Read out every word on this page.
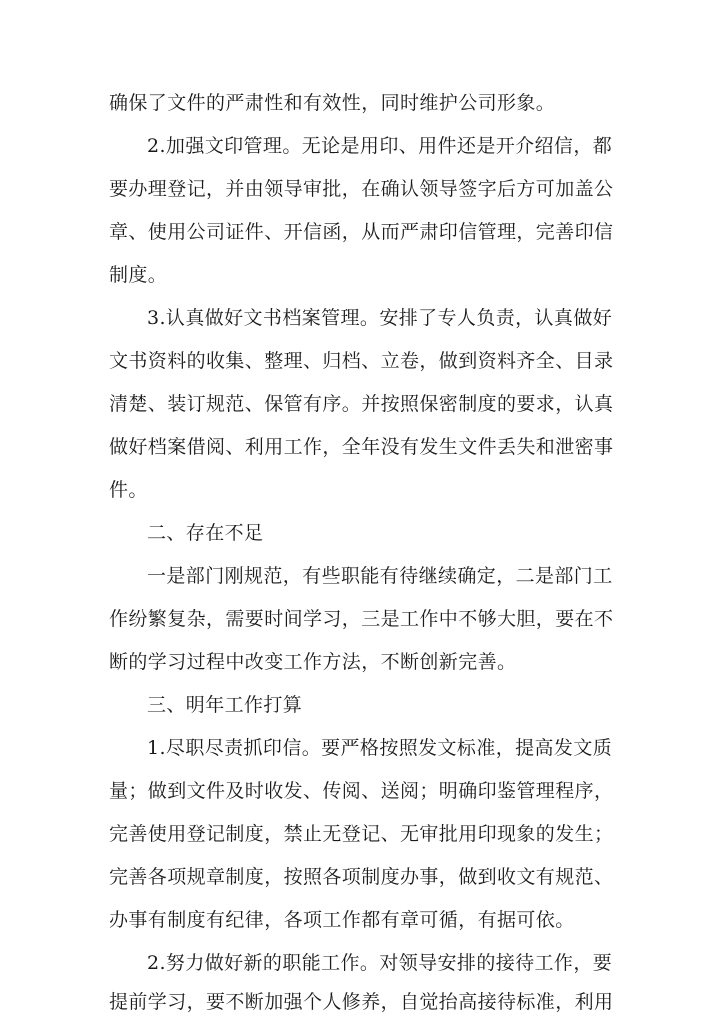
确保了文件的严肃性和有效性，同时维护公司形象。
2.加强文印管理。无论是用印、用件还是开介绍信，都
要办理登记，并由领导审批，在确认领导签字后方可加盖公
章、使用公司证件、开信函，从而严肃印信管理，完善印信
制度。
3.认真做好文书档案管理。安排了专人负责，认真做好
文书资料的收集、整理、归档、立卷，做到资料齐全、目录
清楚、装订规范、保管有序。并按照保密制度的要求，认真
做好档案借阅、利用工作，全年没有发生文件丢失和泄密事
件。
二、存在不足
一是部门刚规范，有些职能有待继续确定，二是部门工
作纷繁复杂，需要时间学习，三是工作中不够大胆，要在不
断的学习过程中改变工作方法，不断创新完善。
三、明年工作打算
1.尽职尽责抓印信。要严格按照发文标准，提高发文质
量；做到文件及时收发、传阅、送阅；明确印鉴管理程序，
完善使用登记制度，禁止无登记、无审批用印现象的发生；
完善各项规章制度，按照各项制度办事，做到收文有规范、
办事有制度有纪律，各项工作都有章可循，有据可依。
2.努力做好新的职能工作。对领导安排的接待工作，要
提前学习，要不断加强个人修养，自觉抬高接待标准，利用
